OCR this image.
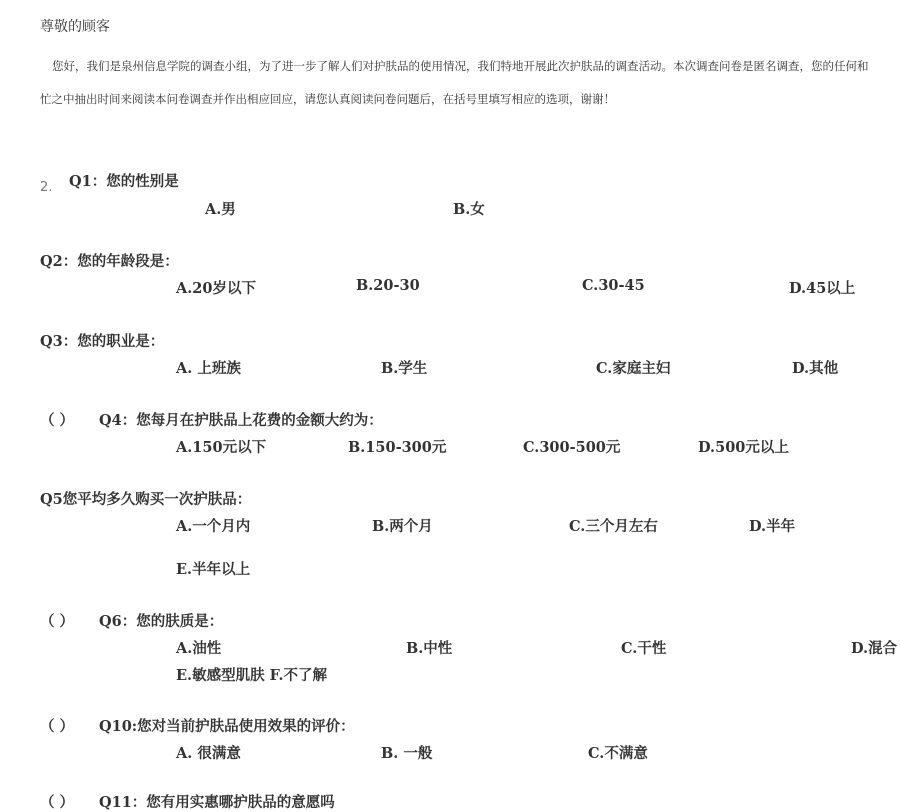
尊敬的顾客
您好，我们是泉州信息学院的调查小组，为了进一步了解人们对护肤品的使用情况，我们特地开展此次护肤品的调查活动。本次调查问卷是匿名调查，您的任何和
忙之中抽出时间来阅读本问卷调查并作出相应回应，请您认真阅读问卷问题后，在括号里填写相应的选项，谢谢！
2. Q1：您的性别是
A.男	B.女
Q2：您的年龄段是：
A.20岁以下	B.20-30	C.30-45	D.45以上
Q3：您的职业是：
A. 上班族	B.学生	C.家庭主妇	D.其他
（ ） Q4：您每月在护肤品上花费的金额大约为：
A.150元以下	B.150-300元	C.300-500元	D.500元以上
Q5您平均多久购买一次护肤品：
A.一个月内	B.两个月	C.三个月左右	D.半年
E.半年以上
（ ） Q6：您的肤质是：
A.油性	B.中性	C.干性	D.混合
E.敏感型肌肤 F.不了解
（ ） Q10:您对当前护肤品使用效果的评价：
A. 很满意	B. 一般	C.不满意
（ ） Q11：您有用实惠哪护肤品的意愿吗
